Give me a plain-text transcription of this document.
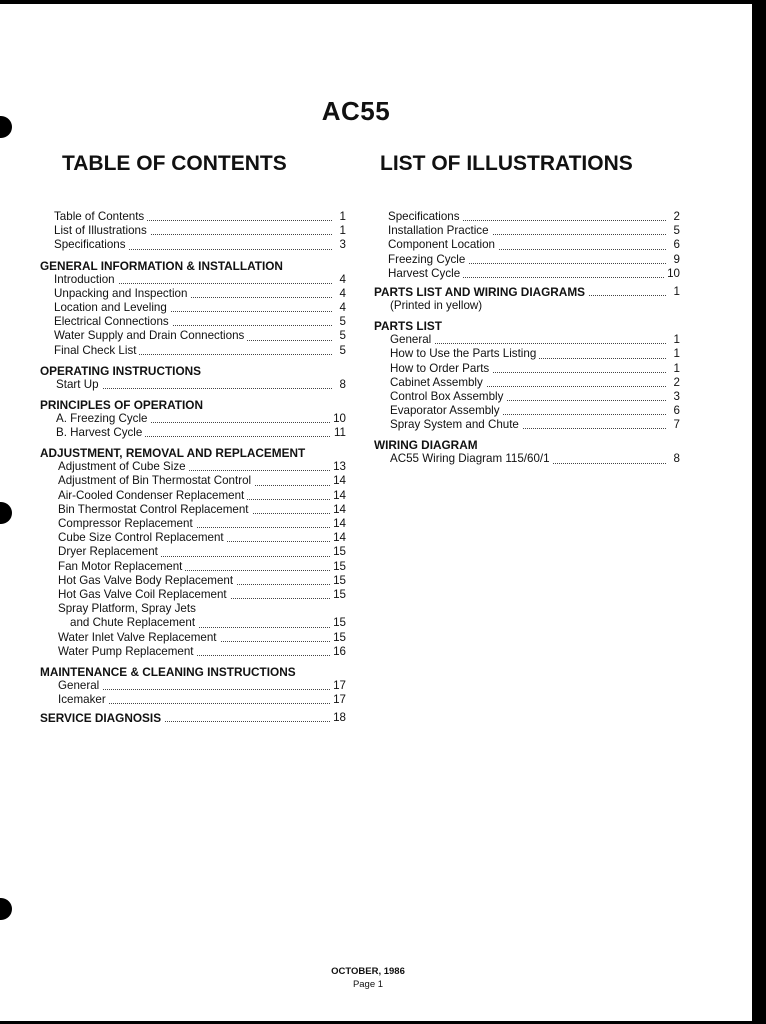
AC55
TABLE OF CONTENTS	LIST OF ILLUSTRATIONS
Table of Contents	1
List of Illustrations	1
Specifications	3
GENERAL INFORMATION & INSTALLATION
Introduction	4
Unpacking and Inspection	4
Location and Leveling	4
Electrical Connections	5
Water Supply and Drain Connections	5
Final Check List	5
OPERATING INSTRUCTIONS
Start Up	8
PRINCIPLES OF OPERATION
A. Freezing Cycle	10
B. Harvest Cycle	11
ADJUSTMENT, REMOVAL AND REPLACEMENT
Adjustment of Cube Size	13
Adjustment of Bin Thermostat Control	14
Air-Cooled Condenser Replacement	14
Bin Thermostat Control Replacement	14
Compressor Replacement	14
Cube Size Control Replacement	14
Dryer Replacement	15
Fan Motor Replacement	15
Hot Gas Valve Body Replacement	15
Hot Gas Valve Coil Replacement	15
Spray Platform, Spray Jets
and Chute Replacement	15
Water Inlet Valve Replacement	15
Water Pump Replacement	16
MAINTENANCE & CLEANING INSTRUCTIONS
General	17
Icemaker	17
SERVICE DIAGNOSIS	18
Specifications	2
Installation Practice	5
Component Location	6
Freezing Cycle	9
Harvest Cycle	10
PARTS LIST AND WIRING DIAGRAMS	1
(Printed in yellow)
PARTS LIST
General	1
How to Use the Parts Listing	1
How to Order Parts	1
Cabinet Assembly	2
Control Box Assembly	3
Evaporator Assembly	6
Spray System and Chute	7
WIRING DIAGRAM
AC55 Wiring Diagram 115/60/1	8
OCTOBER, 1986
Page 1
